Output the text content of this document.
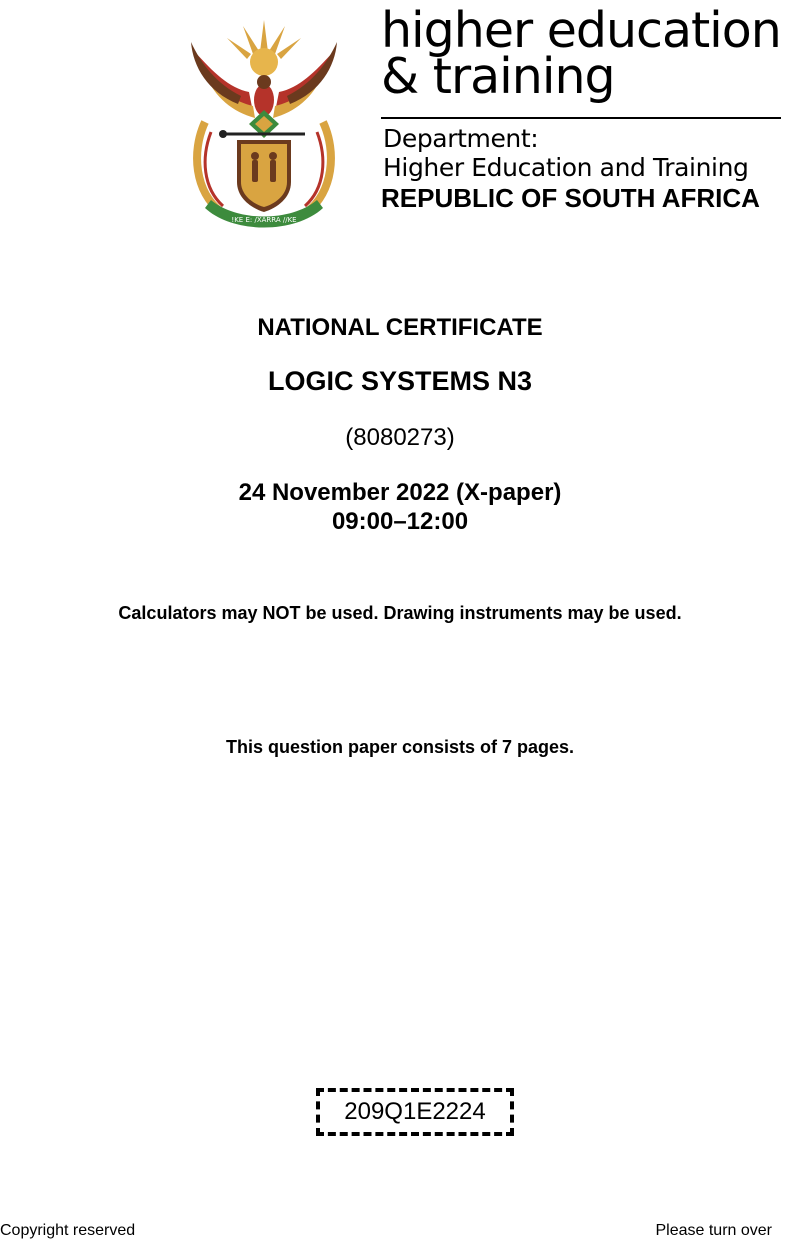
!KE E: /XARRA //KE
higher education
& training
Department:
Higher Education and Training
REPUBLIC OF SOUTH AFRICA
NATIONAL CERTIFICATE
LOGIC SYSTEMS N3
(8080273)
24 November 2022 (X-paper)
09:00–12:00
Calculators may NOT be used. Drawing instruments may be used.
This question paper consists of 7 pages.
209Q1E2224
Copyright reserved	Please turn over
